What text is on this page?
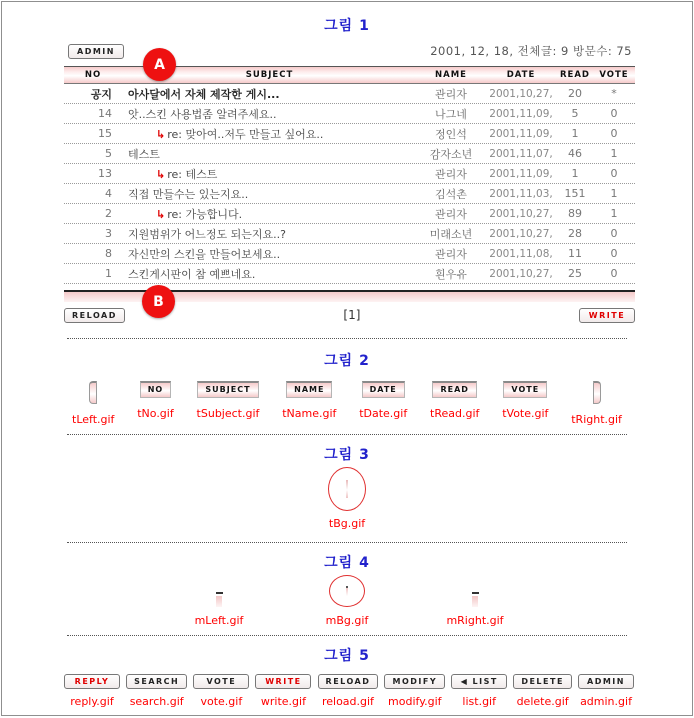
그림 1
ADMIN	2001, 12, 18, 전체글: 9 방문수: 75
NO	SUBJECT	NAME	DATE	READ	VOTE
공지	아사달에서 자체 제작한 게시...	관리자	2001,10,27,	20	*
14	앗..스킨 사용법좀 알려주세요..	나그네	2001,11,09,	5	0
15	↳ re: 맞아여..저두 만들고 싶어요..	정인석	2001,11,09,	1	0
5	테스트	감자소년	2001,11,07,	46	1
13	↳ re: 테스트	관리자	2001,11,09,	1	0
4	직접 만들수는 있는지요..	김석촌	2001,11,03,	151	1
2	↳ re: 가능합니다.	관리자	2001,10,27,	89	1
3	지원범위가 어느정도 되는지요..?	미래소년	2001,10,27,	28	0
8	자신만의 스킨을 만들어보세요..	관리자	2001,11,08,	11	0
1	스킨게시판이 참 예쁘네요.	흰우유	2001,10,27,	25	0
RELOAD	[1]	WRITE
A
B
그림 2
tLeft.gif
NO
tNo.gif
SUBJECT
tSubject.gif
NAME
tName.gif
DATE
tDate.gif
READ
tRead.gif
VOTE
tVote.gif tRight.gif
그림 3
tBg.gif
그림 4
mLeft.gif	mBg.gif	mRight.gif
그림 5
REPLY
reply.gif
SEARCH
search.gif
VOTE
vote.gif
WRITE
write.gif
RELOAD
reload.gif
MODIFY
modify.gif
◀ LIST
list.gif
DELETE
delete.gif
ADMIN
admin.gif
